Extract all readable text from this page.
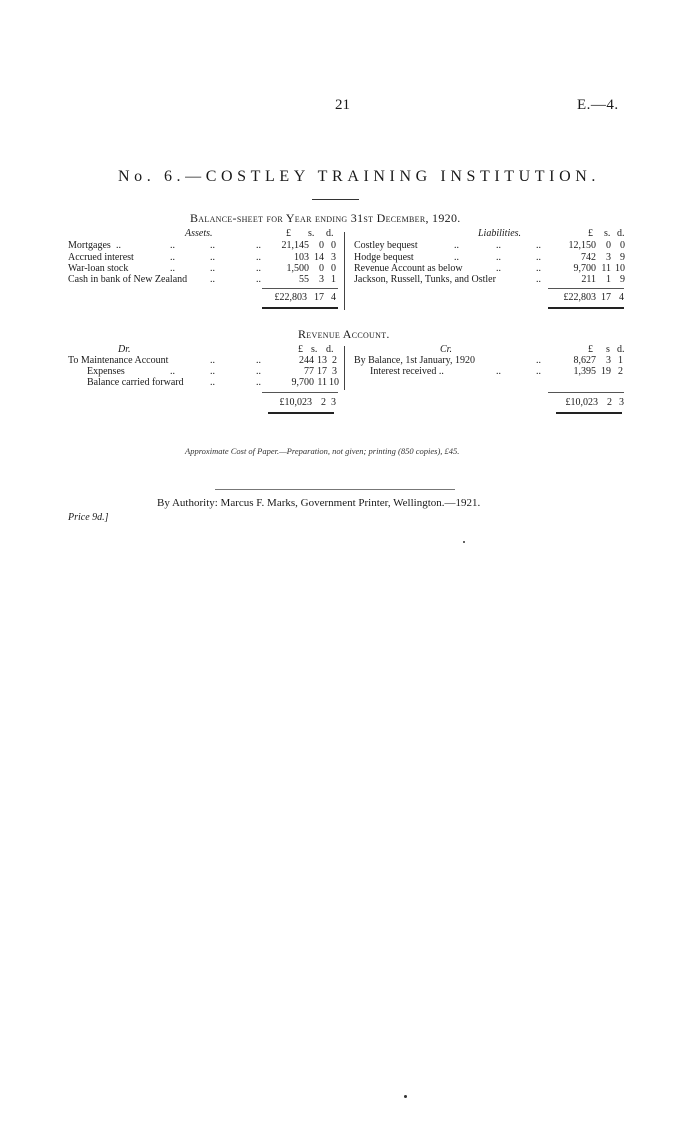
21	E.—4.
No. 6.—COSTLEY TRAINING INSTITUTION.
Balance-sheet for Year ending 31st December, 1920.
Assets.	£ s. d.	Liabilities.	£ s. d.
Mortgages ..	..	..	..	21,145	0 0
Accrued interest	..	..	..	103 14 3
War-loan stock	..	..	..	1,500	0 0
Cash in bank of New Zealand ..	..	55	3 1
Costley bequest	..	..	..	12,150	0 0
Hodge bequest	..	..	..	742	3 9
Revenue Account as below	..	..	9,700 11 10
Jackson, Russell, Tunks, and Ostler	..	211	1 9
£22,803 17 4	£22,803 17 4
Revenue Account.
Dr.	£ s. d.	Cr.	£ s d.
To Maintenance Account	..	..	244 13 2
Expenses	..	..	..	77 17 3
Balance carried forward	..	..	9,700 11 10
By Balance, 1st January, 1920	..	8,627	3 1
Interest received ..	..	..	1,395 19 2
£10,023 2 3	£10,023 2 3
Approximate Cost of Paper.—Preparation, not given; printing (850 copies), £45.
By Authority: Marcus F. Marks, Government Printer, Wellington.—1921.
Price 9d.]
